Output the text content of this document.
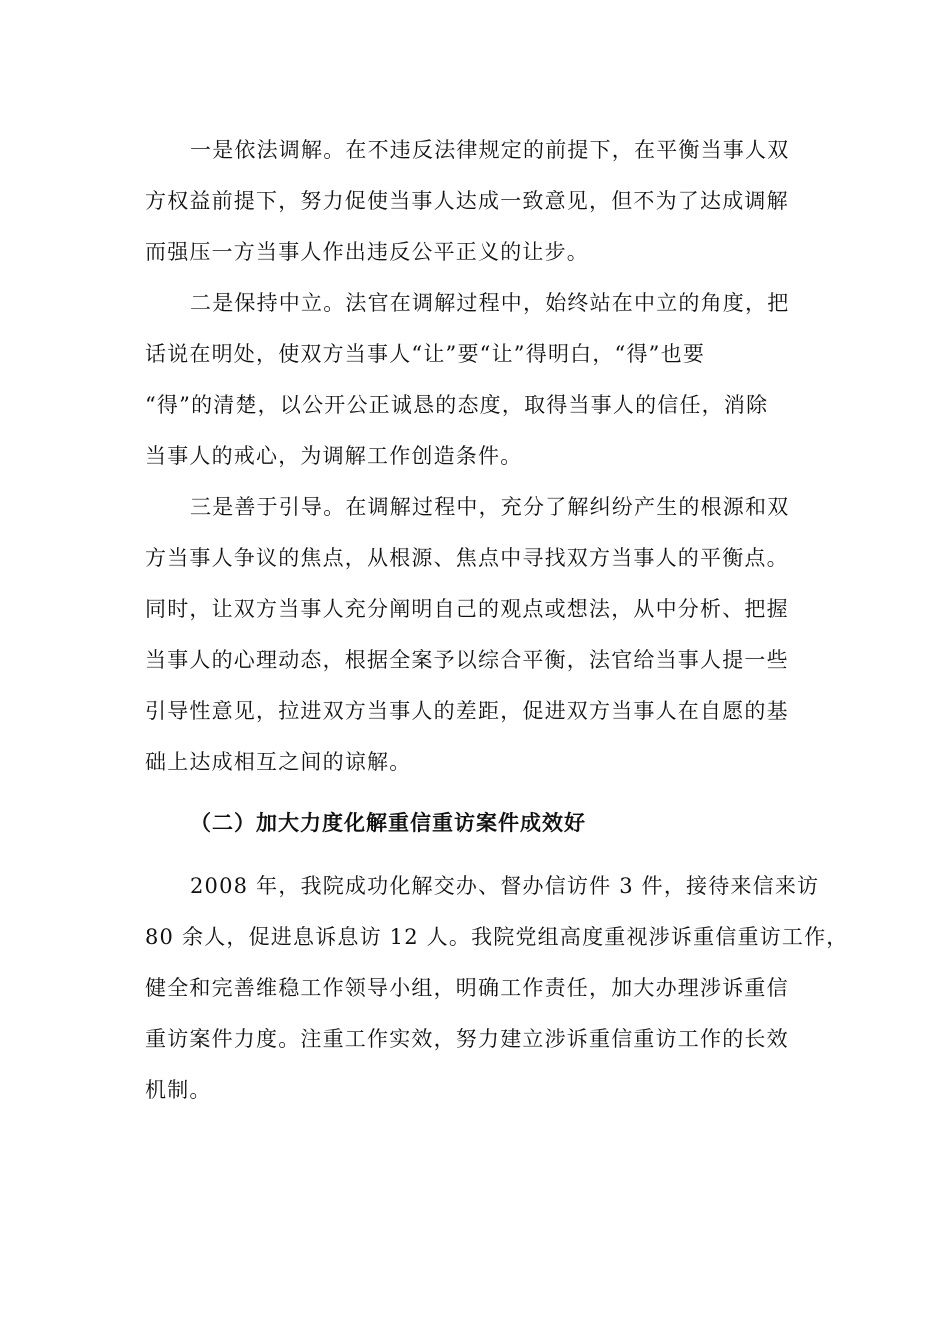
一是依法调解。在不违反法律规定的前提下，在平衡当事人双
方权益前提下，努力促使当事人达成一致意见，但不为了达成调解
而强压一方当事人作出违反公平正义的让步。
二是保持中立。法官在调解过程中，始终站在中立的角度，把
话说在明处，使双方当事人“让”要“让”得明白，“得”也要
“得”的清楚，以公开公正诚恳的态度，取得当事人的信任，消除
当事人的戒心，为调解工作创造条件。
三是善于引导。在调解过程中，充分了解纠纷产生的根源和双
方当事人争议的焦点，从根源、焦点中寻找双方当事人的平衡点。
同时，让双方当事人充分阐明自己的观点或想法，从中分析、把握
当事人的心理动态，根据全案予以综合平衡，法官给当事人提一些
引导性意见，拉进双方当事人的差距，促进双方当事人在自愿的基
础上达成相互之间的谅解。
（二）加大力度化解重信重访案件成效好
2008 年，我院成功化解交办、督办信访件 3 件，接待来信来访
80 余人，促进息诉息访 12 人。我院党组高度重视涉诉重信重访工作，
健全和完善维稳工作领导小组，明确工作责任，加大办理涉诉重信
重访案件力度。注重工作实效，努力建立涉诉重信重访工作的长效
机制。
